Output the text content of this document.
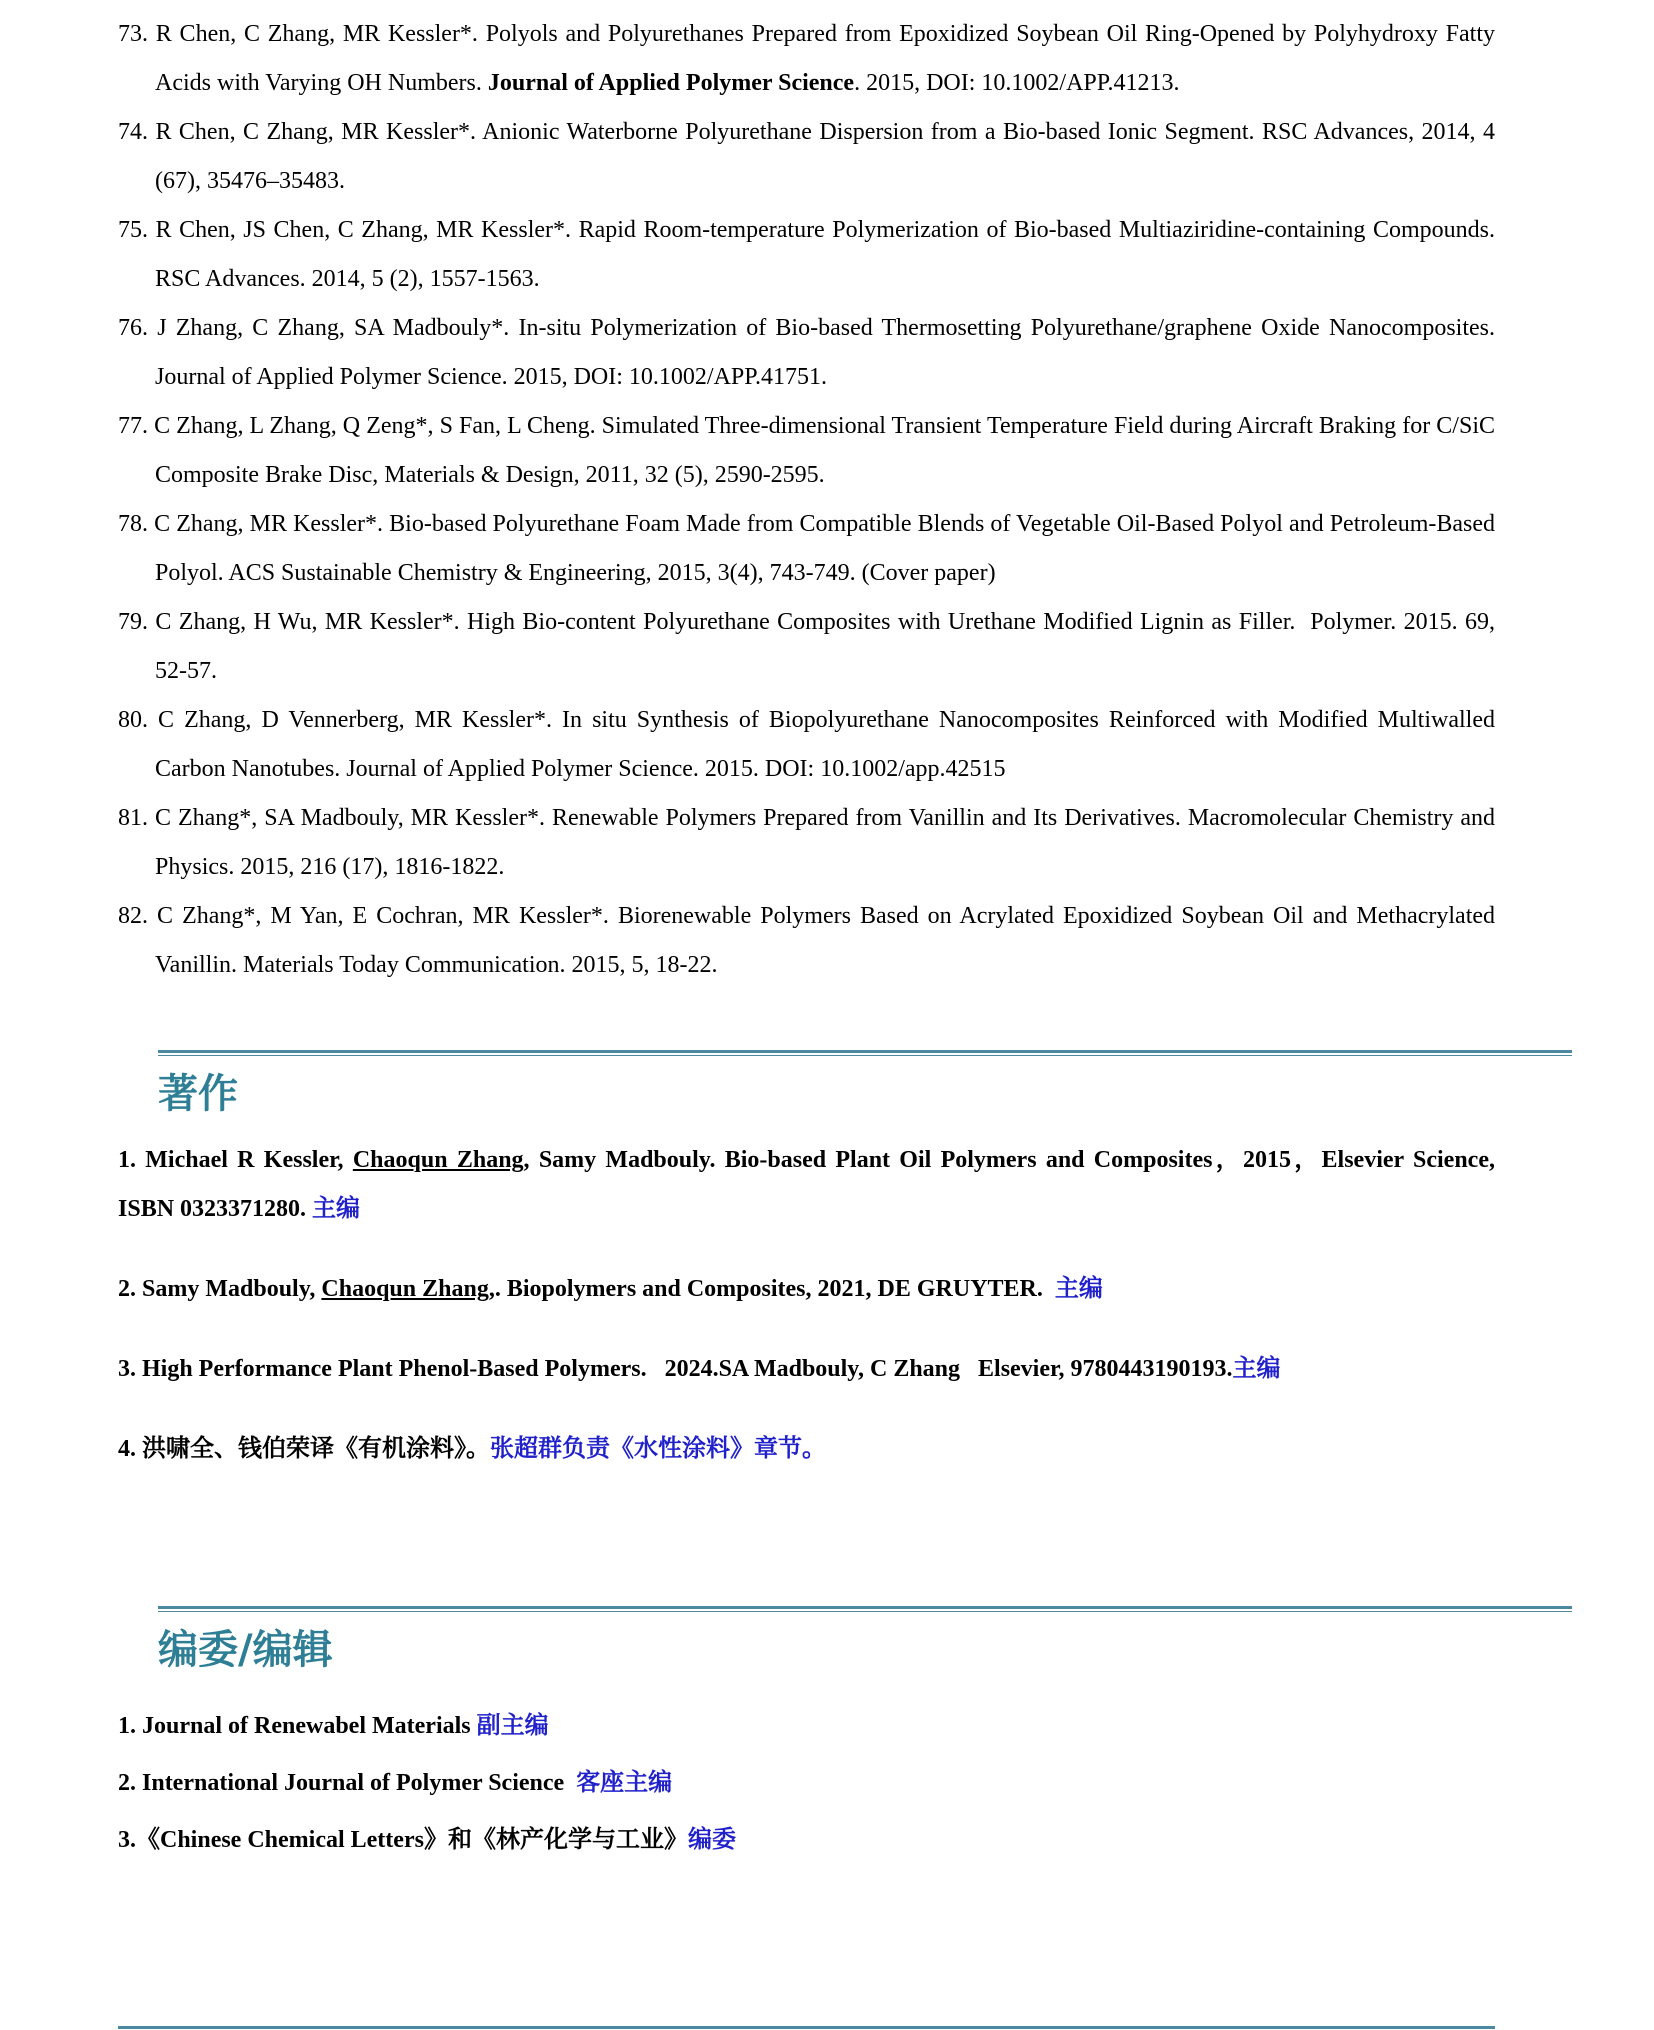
73. R Chen, C Zhang, MR Kessler*. Polyols and Polyurethanes Prepared from Epoxidized Soybean Oil Ring-Opened by Polyhydroxy Fatty Acids with Varying OH Numbers. Journal of Applied Polymer Science. 2015, DOI: 10.1002/APP.41213.
74. R Chen, C Zhang, MR Kessler*. Anionic Waterborne Polyurethane Dispersion from a Bio-based Ionic Segment. RSC Advances, 2014, 4 (67), 35476–35483.
75. R Chen, JS Chen, C Zhang, MR Kessler*. Rapid Room-temperature Polymerization of Bio-based Multiaziridine-containing Compounds. RSC Advances. 2014, 5 (2), 1557-1563.
76. J Zhang, C Zhang, SA Madbouly*. In-situ Polymerization of Bio-based Thermosetting Polyurethane/graphene Oxide Nanocomposites. Journal of Applied Polymer Science. 2015, DOI: 10.1002/APP.41751.
77. C Zhang, L Zhang, Q Zeng*, S Fan, L Cheng. Simulated Three-dimensional Transient Temperature Field during Aircraft Braking for C/SiC Composite Brake Disc, Materials & Design, 2011, 32 (5), 2590-2595.
78. C Zhang, MR Kessler*. Bio-based Polyurethane Foam Made from Compatible Blends of Vegetable Oil-Based Polyol and Petroleum-Based Polyol. ACS Sustainable Chemistry & Engineering, 2015, 3(4), 743-749. (Cover paper)
79. C Zhang, H Wu, MR Kessler*. High Bio-content Polyurethane Composites with Urethane Modified Lignin as Filler.  Polymer. 2015. 69, 52-57.
80. C Zhang, D Vennerberg, MR Kessler*. In situ Synthesis of Biopolyurethane Nanocomposites Reinforced with Modified Multiwalled Carbon Nanotubes. Journal of Applied Polymer Science. 2015. DOI: 10.1002/app.42515
81. C Zhang*, SA Madbouly, MR Kessler*. Renewable Polymers Prepared from Vanillin and Its Derivatives. Macromolecular Chemistry and Physics. 2015, 216 (17), 1816-1822.
82. C Zhang*, M Yan, E Cochran, MR Kessler*. Biorenewable Polymers Based on Acrylated Epoxidized Soybean Oil and Methacrylated Vanillin. Materials Today Communication. 2015, 5, 18-22.
著作

1. Michael R Kessler, Chaoqun Zhang, Samy Madbouly. Bio-based Plant Oil Polymers and Composites，2015，Elsevier Science, ISBN 0323371280. 主编

2. Samy Madbouly, Chaoqun Zhang,. Biopolymers and Composites, 2021, DE GRUYTER.  主编

3. High Performance Plant Phenol-Based Polymers.   2024.SA Madbouly, C Zhang   Elsevier, 9780443190193.主编

4. 洪啸全、钱伯荣译《有机涂料》。张超群负责《水性涂料》章节。

编委/编辑

1. Journal of Renewabel Materials 副主编

2. International Journal of Polymer Science  客座主编

3.《Chinese Chemical Letters》和《林产化学与工业》编委
